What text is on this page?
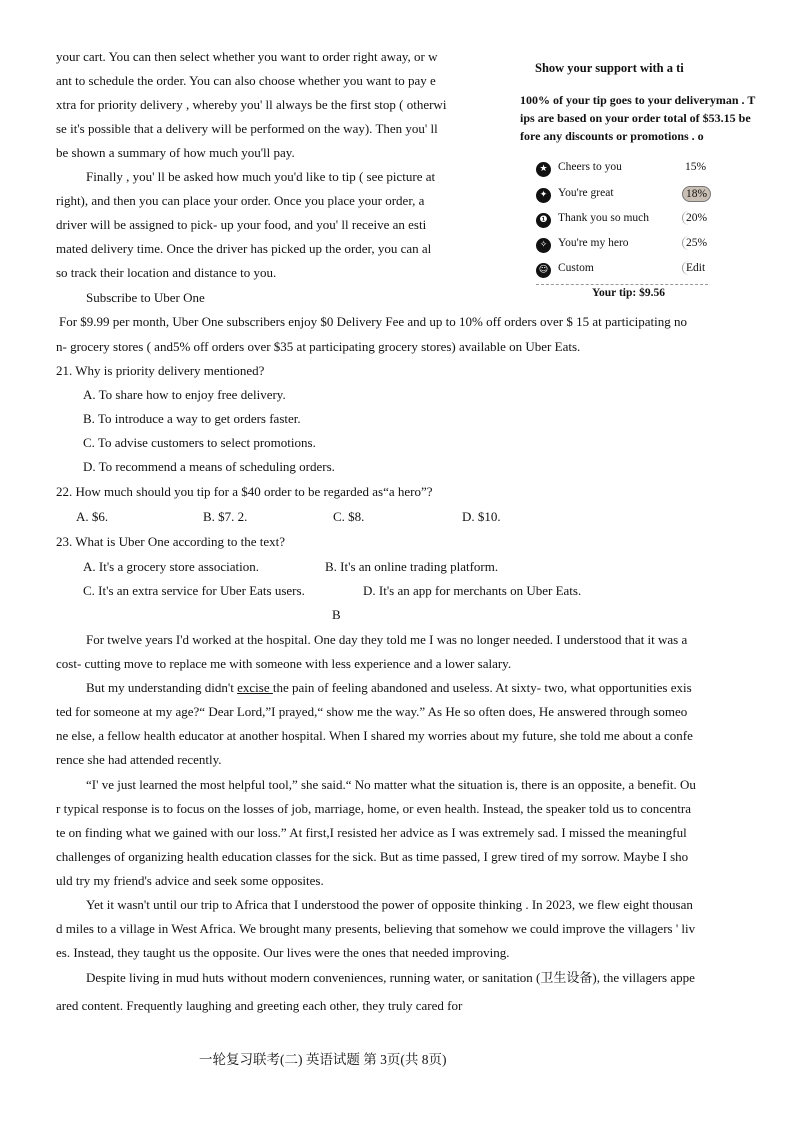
your cart. You can then select whether you want to order right away, or w
ant to schedule the order. You can also choose whether you want to pay e
xtra for priority delivery , whereby you' ll always be the first stop ( otherwi
se it's possible that a delivery will be performed on the way). Then you' ll
be shown a summary of how much you'll pay.
Finally , you' ll be asked how much you'd like to tip ( see picture at
right), and then you can place your order. Once you place your order, a
driver will be assigned to pick- up your food, and you' ll receive an esti
mated delivery time. Once the driver has picked up the order, you can al
so track their location and distance to you.
Subscribe to Uber One
For $9.99 per month, Uber One subscribers enjoy $0 Delivery Fee and up to 10% off orders over $ 15 at participating no
n- grocery stores ( and5% off orders over $35 at participating grocery stores) available on Uber Eats.
Show your support with a ti
100% of your tip goes to your deliveryman . T
ips are based on your order total of $53.15 be
fore any discounts or promotions . o
★ Cheers to you	15%
✦ You're great	18%
❶ Thank you so much	20%
✧ You're my hero	25%
☺ Custom	Edit
Your tip: $9.56
21. Why is priority delivery mentioned?
A. To share how to enjoy free delivery.
B. To introduce a way to get orders faster.
C. To advise customers to select promotions.
D. To recommend a means of scheduling orders.
22. How much should you tip for a $40 order to be regarded as“a hero”?
A. $6.	B. $7. 2.	C. $8.	D. $10.
23. What is Uber One according to the text?
A. It's a grocery store association.	B. It's an online trading platform.
C. It's an extra service for Uber Eats users.	D. It's an app for merchants on Uber Eats.
B
For twelve years I'd worked at the hospital. One day they told me I was no longer needed. I understood that it was a
cost- cutting move to replace me with someone with less experience and a lower salary.
But my understanding didn't excise the pain of feeling abandoned and useless. At sixty- two, what opportunities exis
ted for someone at my age?“ Dear Lord,”I prayed,“ show me the way.” As He so often does, He answered through someo
ne else, a fellow health educator at another hospital. When I shared my worries about my future, she told me about a confe
rence she had attended recently.
“I' ve just learned the most helpful tool,” she said.“ No matter what the situation is, there is an opposite, a benefit. Ou
r typical response is to focus on the losses of job, marriage, home, or even health. Instead, the speaker told us to concentra
te on finding what we gained with our loss.” At first,I resisted her advice as I was extremely sad. I missed the meaningful
challenges of organizing health education classes for the sick. But as time passed, I grew tired of my sorrow. Maybe I sho
uld try my friend's advice and seek some opposites.
Yet it wasn't until our trip to Africa that I understood the power of opposite thinking . In 2023, we flew eight thousan
d miles to a village in West Africa. We brought many presents, believing that somehow we could improve the villagers ' liv
es. Instead, they taught us the opposite. Our lives were the ones that needed improving.
Despite living in mud huts without modern conveniences, running water, or sanitation (卫生设备), the villagers appe
ared content. Frequently laughing and greeting each other, they truly cared for
一轮复习联考(二) 英语试题 第 3页(共 8页)
